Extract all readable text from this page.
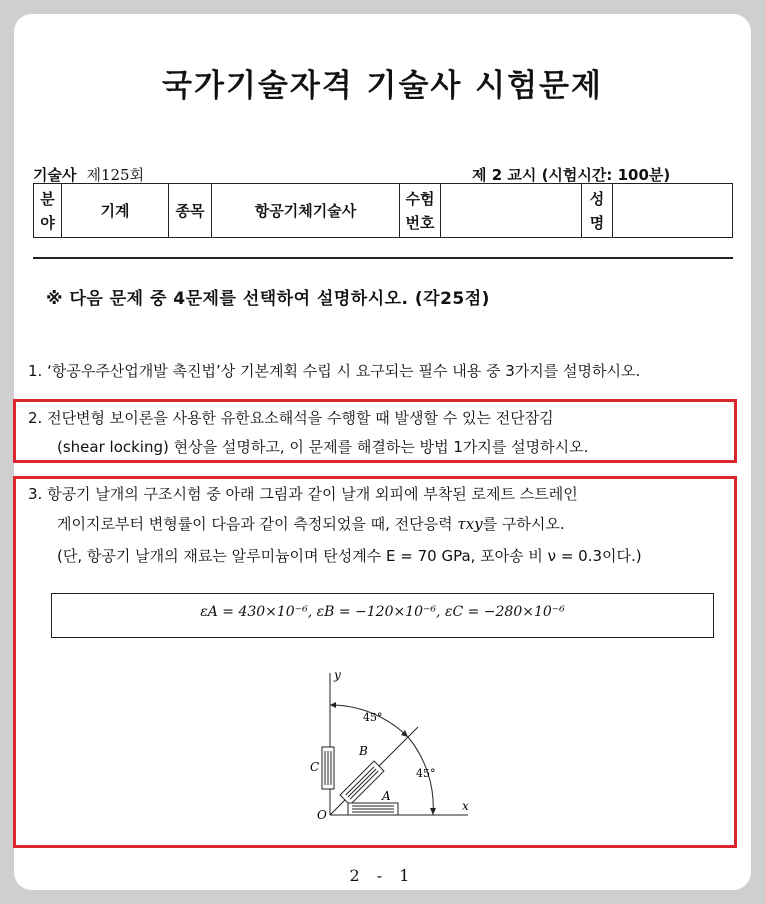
국가기술자격 기술사 시험문제
기술사 제125회	제 2 교시 (시험시간: 100분)
분야	기계	종목	항공기체기술사	수험번호		성명	
※ 다음 문제 중 4문제를 선택하여 설명하시오. (각25점)
1. ‘항공우주산업개발 촉진법’상 기본계획 수립 시 요구되는 필수 내용 중 3가지를 설명하시오.
2. 전단변형 보이론을 사용한 유한요소해석을 수행할 때 발생할 수 있는 전단잠김
(shear locking) 현상을 설명하고, 이 문제를 해결하는 방법 1가지를 설명하시오.
3. 항공기 날개의 구조시험 중 아래 그림과 같이 날개 외피에 부착된 로제트 스트레인
게이지로부터 변형률이 다음과 같이 측정되었을 때, 전단응력 τxy를 구하시오.
(단, 항공기 날개의 재료는 알루미늄이며 탄성계수 E = 70 GPa, 포아송 비 ν = 0.3이다.)
εA = 430×10⁻⁶, εB = −120×10⁻⁶, εC = −280×10⁻⁶
y
x
O
45°
45°
C
B
A
2 - 1
